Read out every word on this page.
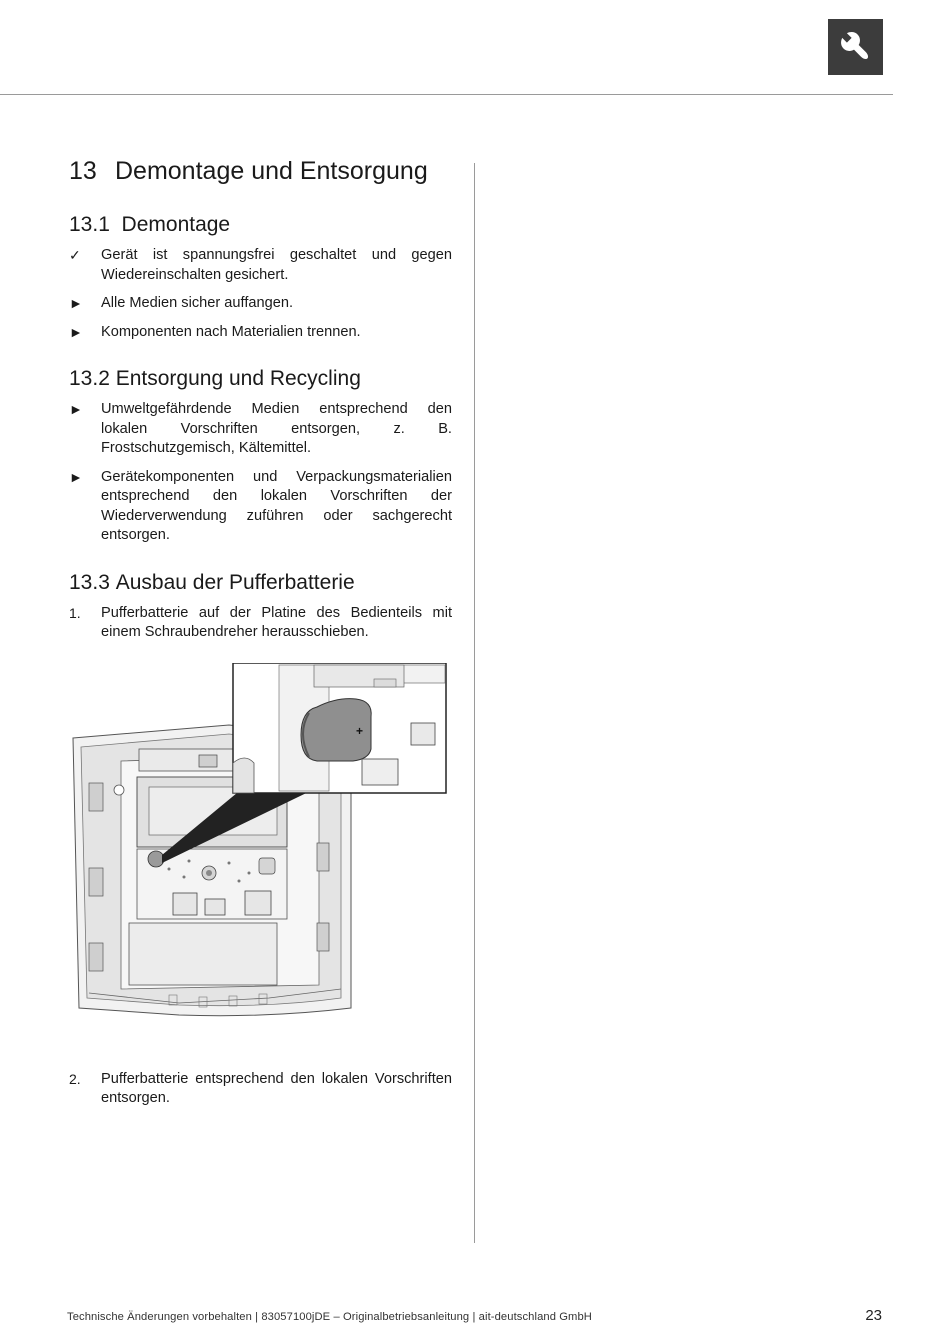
13 Demontage und Entsorgung
13.1 Demontage
✓ Gerät ist spannungsfrei geschaltet und gegen Wiedereinschalten gesichert.
► Alle Medien sicher auffangen.
► Komponenten nach Materialien trennen.
13.2 Entsorgung und Recycling
► Umweltgefährdende Medien entsprechend den lokalen Vorschriften entsorgen, z. B. Frostschutzgemisch, Kältemittel.
► Gerätekomponenten und Verpackungsmaterialien entsprechend den lokalen Vorschriften der Wiederverwendung zuführen oder sachgerecht entsorgen.
13.3 Ausbau der Pufferbatterie
1. Pufferbatterie auf der Platine des Bedienteils mit einem Schraubendreher herausschieben.
+
2. Pufferbatterie entsprechend den lokalen Vorschriften entsorgen.
Technische Änderungen vorbehalten | 83057100jDE – Originalbetriebsanleitung | ait-deutschland GmbH	23
